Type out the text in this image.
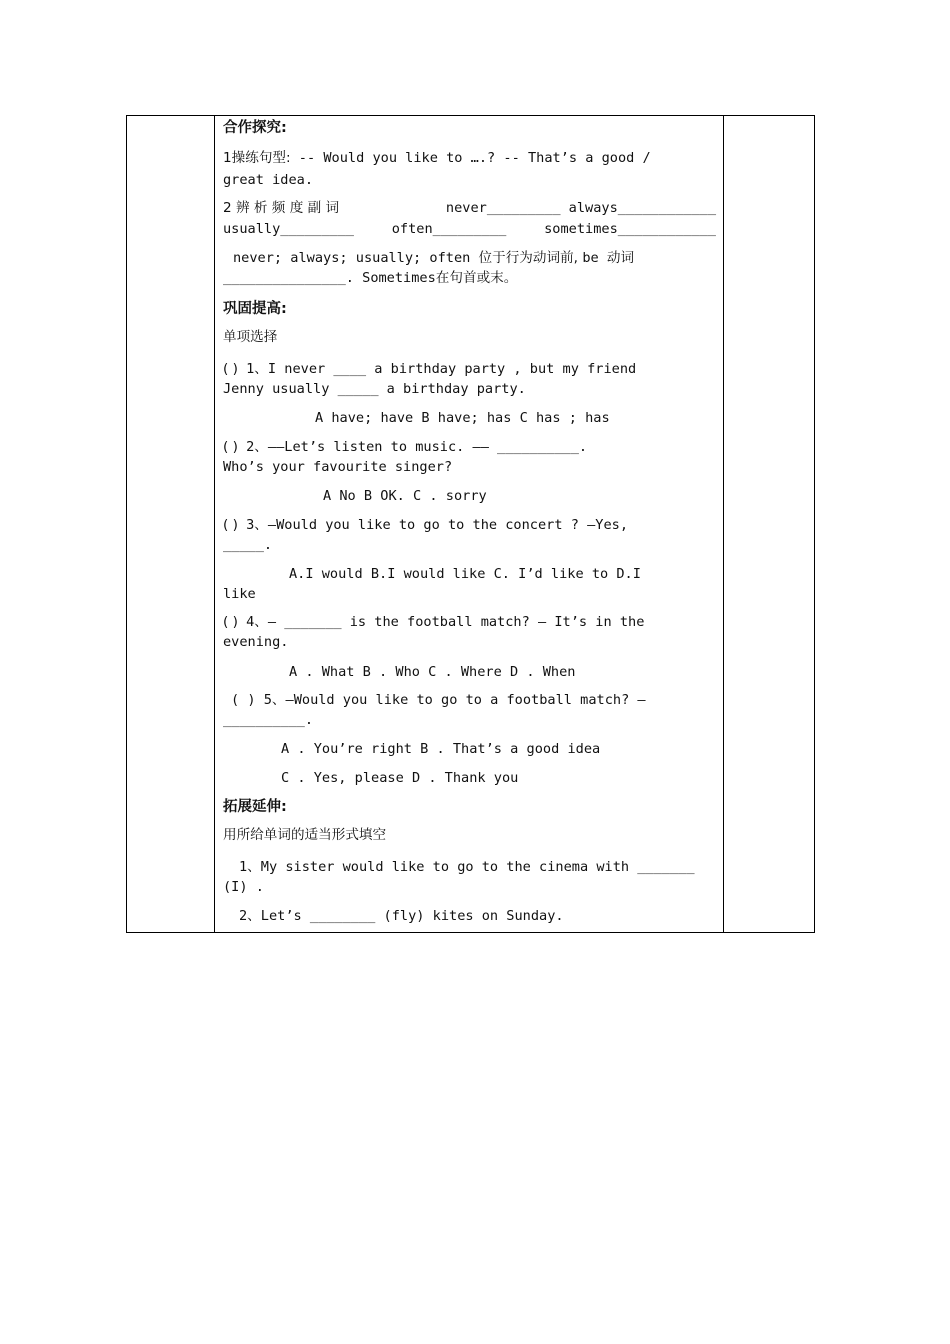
合作探究:
1操练句型: -- Would you like to ….? -- That’s a good /
great idea.
2 辨 析 频 度 副 词	never_________ always____________
usually_________	often_________	sometimes____________
never; always; usually; often 位于行为动词前, be 动词
_______________. Sometimes在句首或末。
巩固提高:
单项选择
( ) 1、I never ____ a birthday party , but my friend
Jenny usually _____ a birthday party.
A have; have B have; has C has ; has
( ) 2、——Let’s listen to music. —— __________.
Who’s your favourite singer?
A No B OK. C . sorry
( ) 3、—Would you like to go to the concert ? —Yes,
_____.
A.I would B.I would like C. I’d like to D.I
like
( ) 4、— _______ is the football match? — It’s in the
evening.
A . What B . Who C . Where D . When
( ) 5、—Would you like to go to a football match? —
__________.
A . You’re right B . That’s a good idea
C . Yes, please D . Thank you
拓展延伸:
用所给单词的适当形式填空
1、My sister would like to go to the cinema with _______
(I) .
2、Let’s ________ (fly) kites on Sunday.
